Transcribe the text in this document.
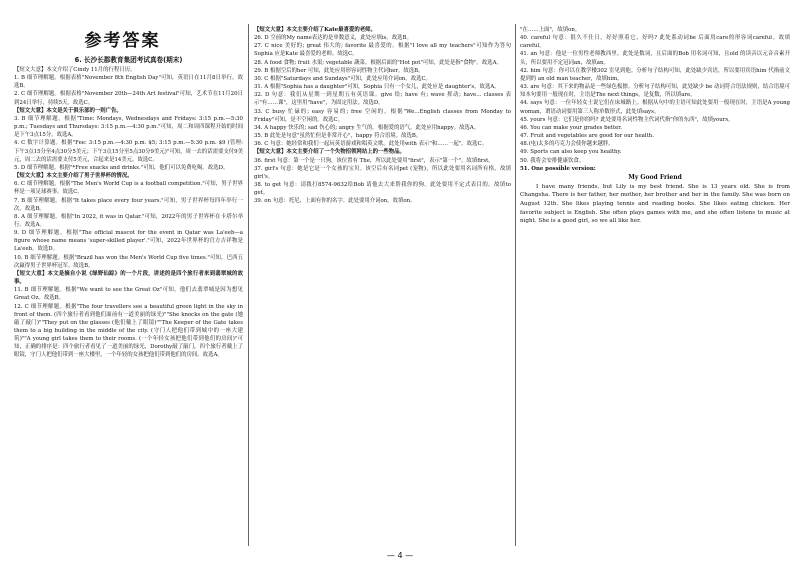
参考答案

6. 长沙长郡教育集团考试真卷(期末)

【短文大意】本文介绍了Cindy 11月的行程日历。

1. B 细节理解题。根据表格"November 8th English Day"可知，英语日在11月8日举行。故选B。

2. C 细节理解题。根据表格"November 20th—24th Art festival"可知，艺术节在11月20日到24日举行，持续5天。故选C。

【短文大意】本文是关于俱乐部的一则广告。

3. B 细节理解题。根据"Time: Mondays, Wednesdays and Fridays: 3:15 p.m.—5:30 p.m.; Tuesdays and Thursdays: 3:15 p.m.—4:30 p.m."可知，周二和周四课程开始的时间是下午3点15分。故选A。

4. C 数字计算题。根据"Fee: 3:15 p.m.—4:30 p.m. $5; 3:15 p.m.—5:30 p.m. $9 (管理: 下午3点15分至4点30分5美元；下午3点15分至5点30分9美元)"可知，周一去的话需要支付9美元，周二去的话需要支付5美元，合起来是14美元。故选C。

5. D 细节理解题。根据"*Free snacks and drinks."可知，他们可以免费吃喝。故选D。

【短文大意】本文主要介绍了男子世界杯的情况。

6. C 细节理解题。根据"The Men's World Cup is a football competition."可知，男子世界杯是一项足球赛事。故选C。

7. B 细节理解题。根据"It takes place every four years."可知，男子世界杯每四年举行一次。故选B。

8. A 细节理解题。根据"In 2022, it was in Qatar."可知，2022年的男子世界杯在卡塔尔举行。故选A。

9. D 细节理解题。根据"The official mascot for the event in Qatar was La'eeb—a figure whose name means 'super-skilled player'."可知，2022年世界杯的官方吉祥物是La'eeb。故选D。

10. B 细节理解题。根据"Brazil has won the Men's World Cup five times."可知，巴西五次赢得男子世界杯冠军。故选B。

【短文大意】本文是摘自小说《绿野仙踪》的一个片段，讲述的是四个旅行者来到翡翠城的故事。

11. B 细节理解题。根据"We want to see the Great Oz"可知，他们去翡翠城是因为想见Great Oz。故选B。

12. C 细节理解题。根据"The four travellers see a beautiful green light in the sky in front of them. (四个旅行者看到他们面前有一道美丽的绿光)""She knocks on the gate (她敲了敲门)""They put on the glasses (他们戴上了眼镜)""The Keeper of the Gate takes them to a big building in the middle of the city. (守门人把他们带到城中的一座大建筑)""A young girl takes them to their rooms. (一个年轻女孩把他们带到他们的房间)"可知，正确的排序是：四个旅行者看见了一道美丽的绿光，Dorothy敲了敲门，四个旅行者戴上了眼镜，守门人把他们带到一座大楼里，一个年轻的女孩把他们带到他们的房间。故选A。

【短文大意】本文主要介绍了Kate最喜爱的老师。

26. D 空前的My name表达的是单数意义，此处应填is。故选B。

27. C nice 美好的; great 伟大的; favorite 最喜爱的。根据"I love all my teachers"可知作为答句 Sophia 应是Kate 最喜爱的老师。故选C。

28. A food 食物; fruit 水果; vegetable 蔬菜。根据后面的"Hot pot"可知，此处是指"食物"。故选A。

29. B 根据空后的her 可知，此处应用形容词性物主代词her。故选B。

30. C 根据"Saturdays and Sundays"可知，此处应用介词on。故选C。

31. A 根据"Sophia has a daughter"可知，Sophia 只有一个女儿，此处应是 daughter's。故选A。

32. D 句意：我们从星期一到星期五有英语课。give 给; have 有; wave 挥动; have... classes 表示"有……课"，这里用"have"，为固定用法。故选D。

33. C busy 忙碌的; easy 容易的; free 空闲的。根据"We...English classes from Monday to Friday"可知，是不空闲的。故选C。

34. A happy 快乐的; sad 伤心的; angry 生气的。根据爱的语气，此处应用happy。故选A。

35. B 此处是句意"虽然忙但是非常开心"，happy 符合语境。故选B。

36. C 句意：她经常和我们一起玩英语游戏和唱英文歌。此处用with 表示"和……一起"。故选C。

【短文大意】本文主要介绍了一个失物招领网站上的一些物品。

36. first 句意：第一个是一只狗，该位置有 The，所以此处要用"first"，表示"第一个"。故填first。

37. girl's 句意：她是它是一个女孩的宝贝。该空后有名词pet (宠物)，所以此处要用名词所有格，故填girl's。

38. to get 句意：请拨打8574-9632给Bob 请他去大来帮我你的狗。此处要用不定式表目的。故填to get。

39. on 句意：托尼，上面有你的名字。此处要用介词on。故填on。

"在……上面"，故填on。

40. careful 句意：很久不仕日，好好照着它，好吗? 此处系动词be 后面用care的形容词careful。故填careful。

41. an 句意：他是一位男性老师教西里。此处是数词，且后面的Bob 用名词可知，且old 的读音以元音音素开头，所以要用不定冠词an，故填an。

42. him 句意：你可以在教学楼302 室见到他。分析句子结构可知，此处缺少宾语，所以要用宾语him 代指前文提到的 an old man teacher，故填him。

43. are 句意：其下来的物品是一些绿色板擦。分析句子结构可知，此处缺少 be 动词符合语法规则，结合语境可知本句要用一般现在时，主语是The next things，是复数，所以填are。

44. says 句意：一位年轻女士说它们在床城路上。根据从句中的主语可知此处要用一般现在时，主语是A young woman，谓语动词要用第三人称单数形式，此处填says。

45. yours 句意：它们是你的吗? 此处要用名词性物主代词代指"你的东西"，故填yours。

46. You can make your grades better.

47. Fruit and vegetables are good for our health.

48.(电)太多的巧克力会使你越来越胖。

49. Sports can also keep you healthy.

50. 我将会安排健康饮食。

51. One possible version:

My Good Friend

I have many friends, but Lily is my best friend. She is 13 years old. She is from Changsha. There is her father, her mother, her brother and her in the family. She was born on August 12th. She likes playing tennis and reading books. She likes eating chicken. Her favorite subject is English. She often plays games with me, and she often listens to music at night. She is a good girl, so we all like her.

— 4 —
